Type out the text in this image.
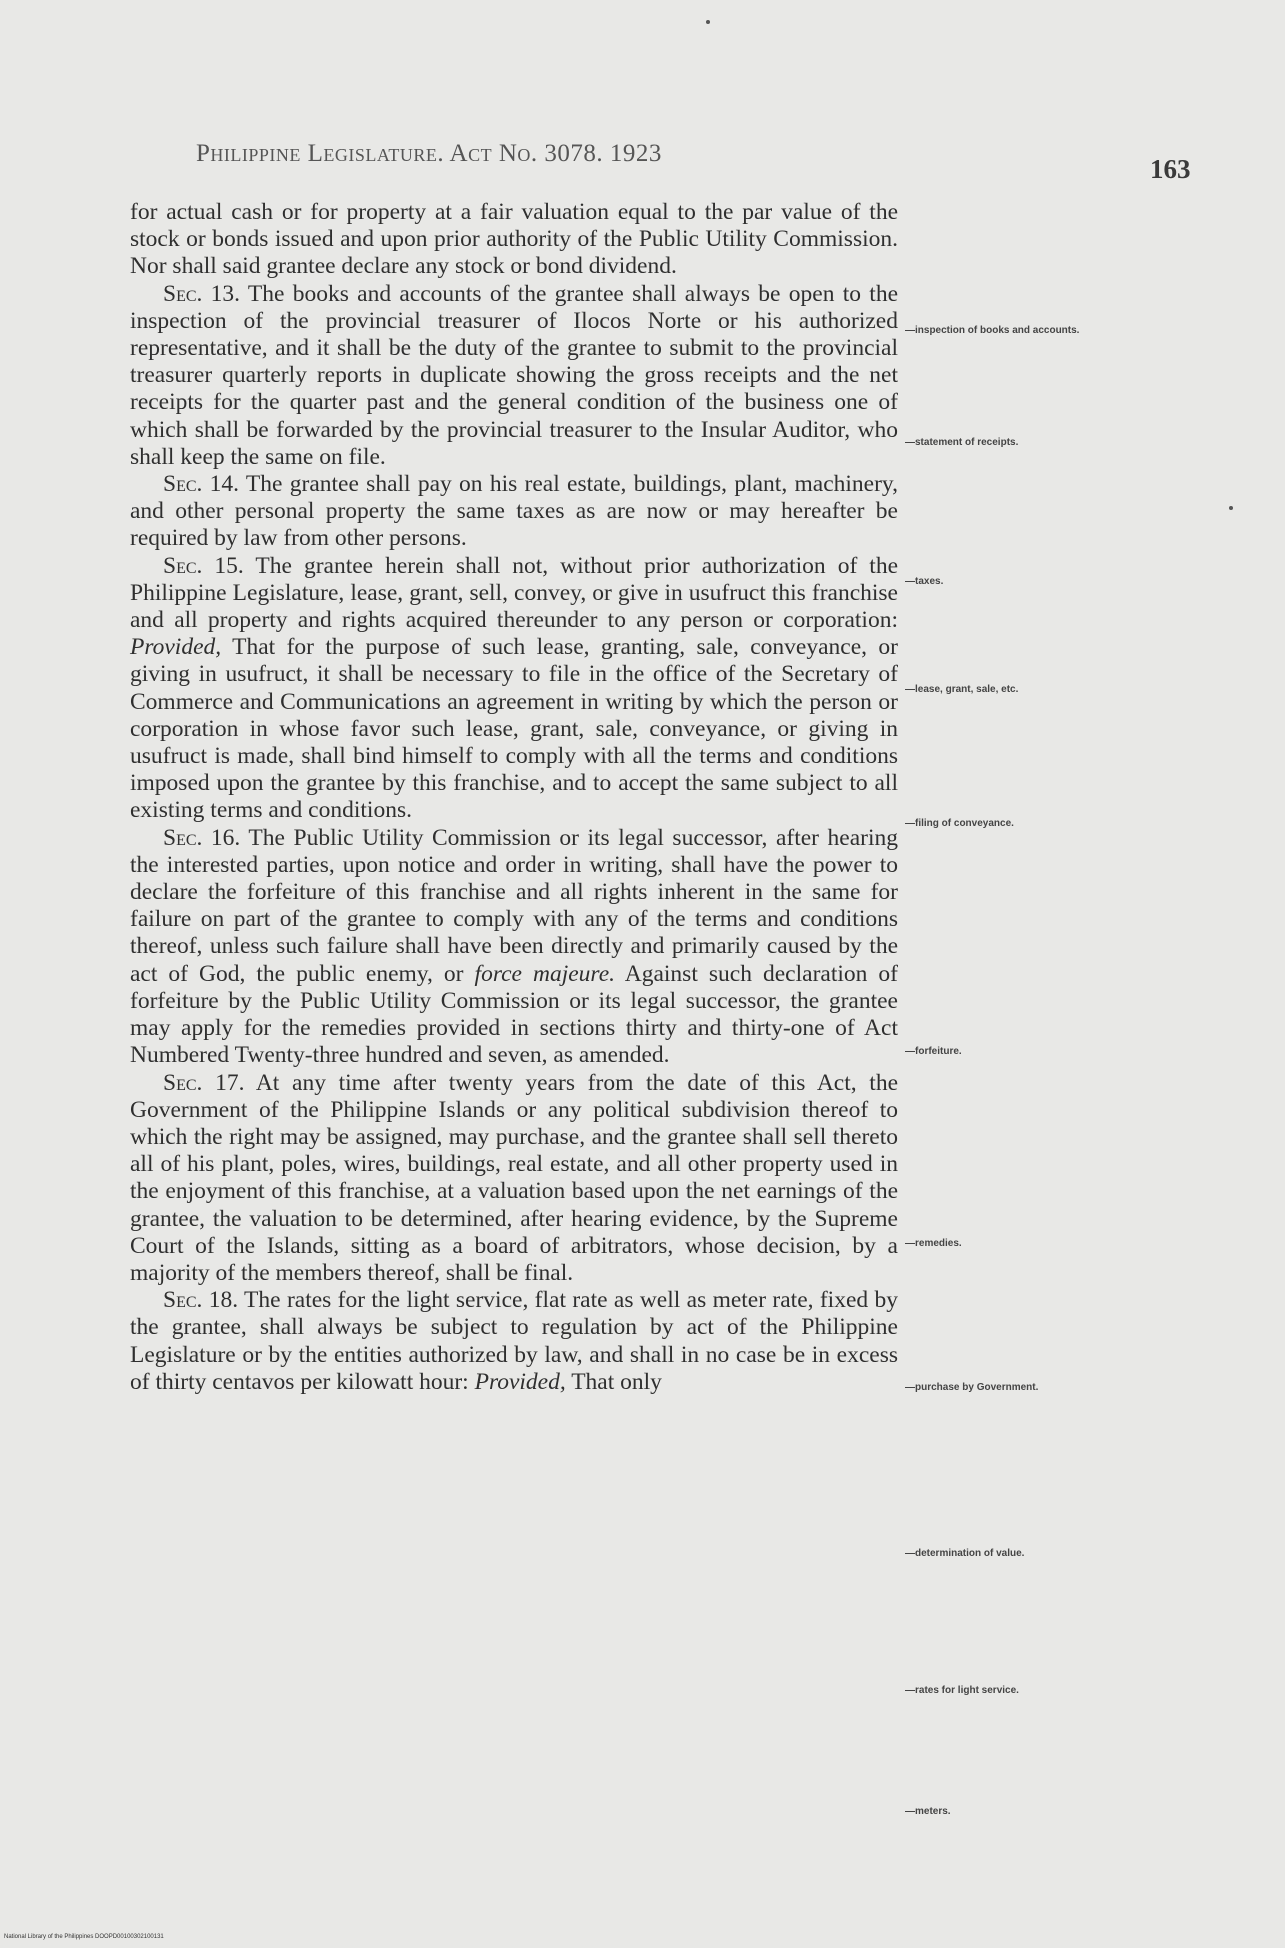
Philippine Legislature. Act No. 3078. 1923
163

for actual cash or for property at a fair valuation equal to the par value of the stock or bonds issued and upon prior authority of the Public Utility Commission. Nor shall said grantee declare any stock or bond dividend.

Sec. 13. The books and accounts of the grantee shall always be open to the inspection of the provincial treasurer of Ilocos Norte or his authorized representative, and it shall be the duty of the grantee to submit to the provincial treasurer quarterly reports in duplicate showing the gross receipts and the net receipts for the quarter past and the general condition of the business one of which shall be forwarded by the provincial treasurer to the Insular Auditor, who shall keep the same on file.

Sec. 14. The grantee shall pay on his real estate, buildings, plant, machinery, and other personal property the same taxes as are now or may hereafter be required by law from other persons.

Sec. 15. The grantee herein shall not, without prior authorization of the Philippine Legislature, lease, grant, sell, convey, or give in usufruct this franchise and all property and rights acquired thereunder to any person or corporation: Provided, That for the purpose of such lease, granting, sale, conveyance, or giving in usufruct, it shall be necessary to file in the office of the Secretary of Commerce and Communications an agreement in writing by which the person or corporation in whose favor such lease, grant, sale, conveyance, or giving in usufruct is made, shall bind himself to comply with all the terms and conditions imposed upon the grantee by this franchise, and to accept the same subject to all existing terms and conditions.

Sec. 16. The Public Utility Commission or its legal successor, after hearing the interested parties, upon notice and order in writing, shall have the power to declare the forfeiture of this franchise and all rights inherent in the same for failure on part of the grantee to comply with any of the terms and conditions thereof, unless such failure shall have been directly and primarily caused by the act of God, the public enemy, or force majeure. Against such declaration of forfeiture by the Public Utility Commission or its legal successor, the grantee may apply for the remedies provided in sections thirty and thirty-one of Act Numbered Twenty-three hundred and seven, as amended.

Sec. 17. At any time after twenty years from the date of this Act, the Government of the Philippine Islands or any political subdivision thereof to which the right may be assigned, may purchase, and the grantee shall sell thereto all of his plant, poles, wires, buildings, real estate, and all other property used in the enjoyment of this franchise, at a valuation based upon the net earnings of the grantee, the valuation to be determined, after hearing evidence, by the Supreme Court of the Islands, sitting as a board of arbitrators, whose decision, by a majority of the members thereof, shall be final.

Sec. 18. The rates for the light service, flat rate as well as meter rate, fixed by the grantee, shall always be subject to regulation by act of the Philippine Legislature or by the entities authorized by law, and shall in no case be in excess of thirty centavos per kilowatt hour: Provided, That only

—inspection of books and accounts.
—statement of receipts.
—taxes.
—lease, grant, sale, etc.
—filing of conveyance.
—forfeiture.
—remedies.
—purchase by Government.
—determination of value.
—rates for light service.
—meters.
National Library of the Philippines DOOPD00100302100131
